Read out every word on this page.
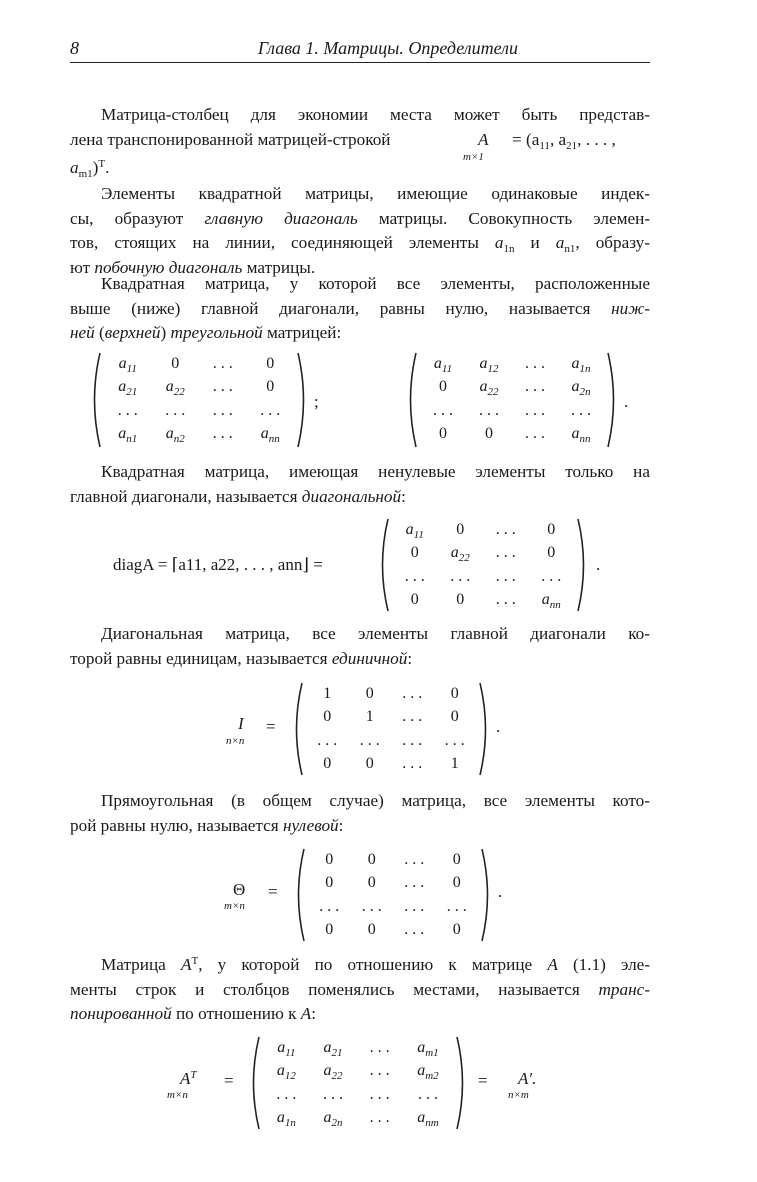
8	Глава 1. Матрицы. Определители
Матрица-столбец для экономии места может быть представ-
лена транспонированной матрицей-строкой	A
m×1
= ($a_{11}$, $a_{21}$, . . . ,
$a_{m1})^T$.
Элементы квадратной матрицы, имеющие одинаковые индек-
сы, образуют главную диагональ матрицы. Совокупность элемен-
тов, стоящих на линии, соединяющей элементы $a_{1n}$ и $a_{n1}$, образу-
ют побочную диагональ матрицы.
Квадратная матрица, у которой все элементы, расположенные
выше (ниже) главной диагонали, равны нулю, называется ниж-
ней (верхней) треугольной матрицей:
$a_{11}$	0	. . .	0
$a_{21}$	$a_{22}$	. . .	0
. . .	. . .	. . .	. . .
$a_{n1}$	$a_{n2}$	. . .	$a_{nn}$
;
$a_{11}$	$a_{12}$	. . .	$a_{1n}$
0	$a_{22}$	. . .	$a_{2n}$
. . .	. . .	. . .	. . .
0	0	. . .	$a_{nn}$
.
Квадратная матрица, имеющая ненулевые элементы только на
главной диагонали, называется диагональной:
diagA = ⌈a11, a22, . . . , ann⌋ =
$a_{11}$	0	. . .	0
0	$a_{22}$	. . .	0
. . .	. . .	. . .	. . .
0	0	. . .	$a_{nn}$
.
Диагональная матрица, все элементы главной диагонали ко-
торой равны единицам, называется единичной:
I
n×n
=
1	0	. . .	0
0	1	. . .	0
. . .	. . .	. . .	. . .
0	0	. . .	1
.
Прямоугольная (в общем случае) матрица, все элементы кото-
рой равны нулю, называется нулевой:
Θ
m×n
=
0	0	. . .	0
0	0	. . .	0
. . .	. . .	. . .	. . .
0	0	. . .	0
.
Матрица $A^T$, у которой по отношению к матрице A (1.1) эле-
менты строк и столбцов поменялись местами, называется транс-
понированной по отношению к A:
$A^T$
m×n
=
$a_{11}$	$a_{21}$	. . .	$a_{m1}$
$a_{12}$	$a_{22}$	. . .	$a_{m2}$
. . .	. . .	. . .	. . .
$a_{1n}$	$a_{2n}$	. . .	$a_{nm}$
= A′.
n×m
